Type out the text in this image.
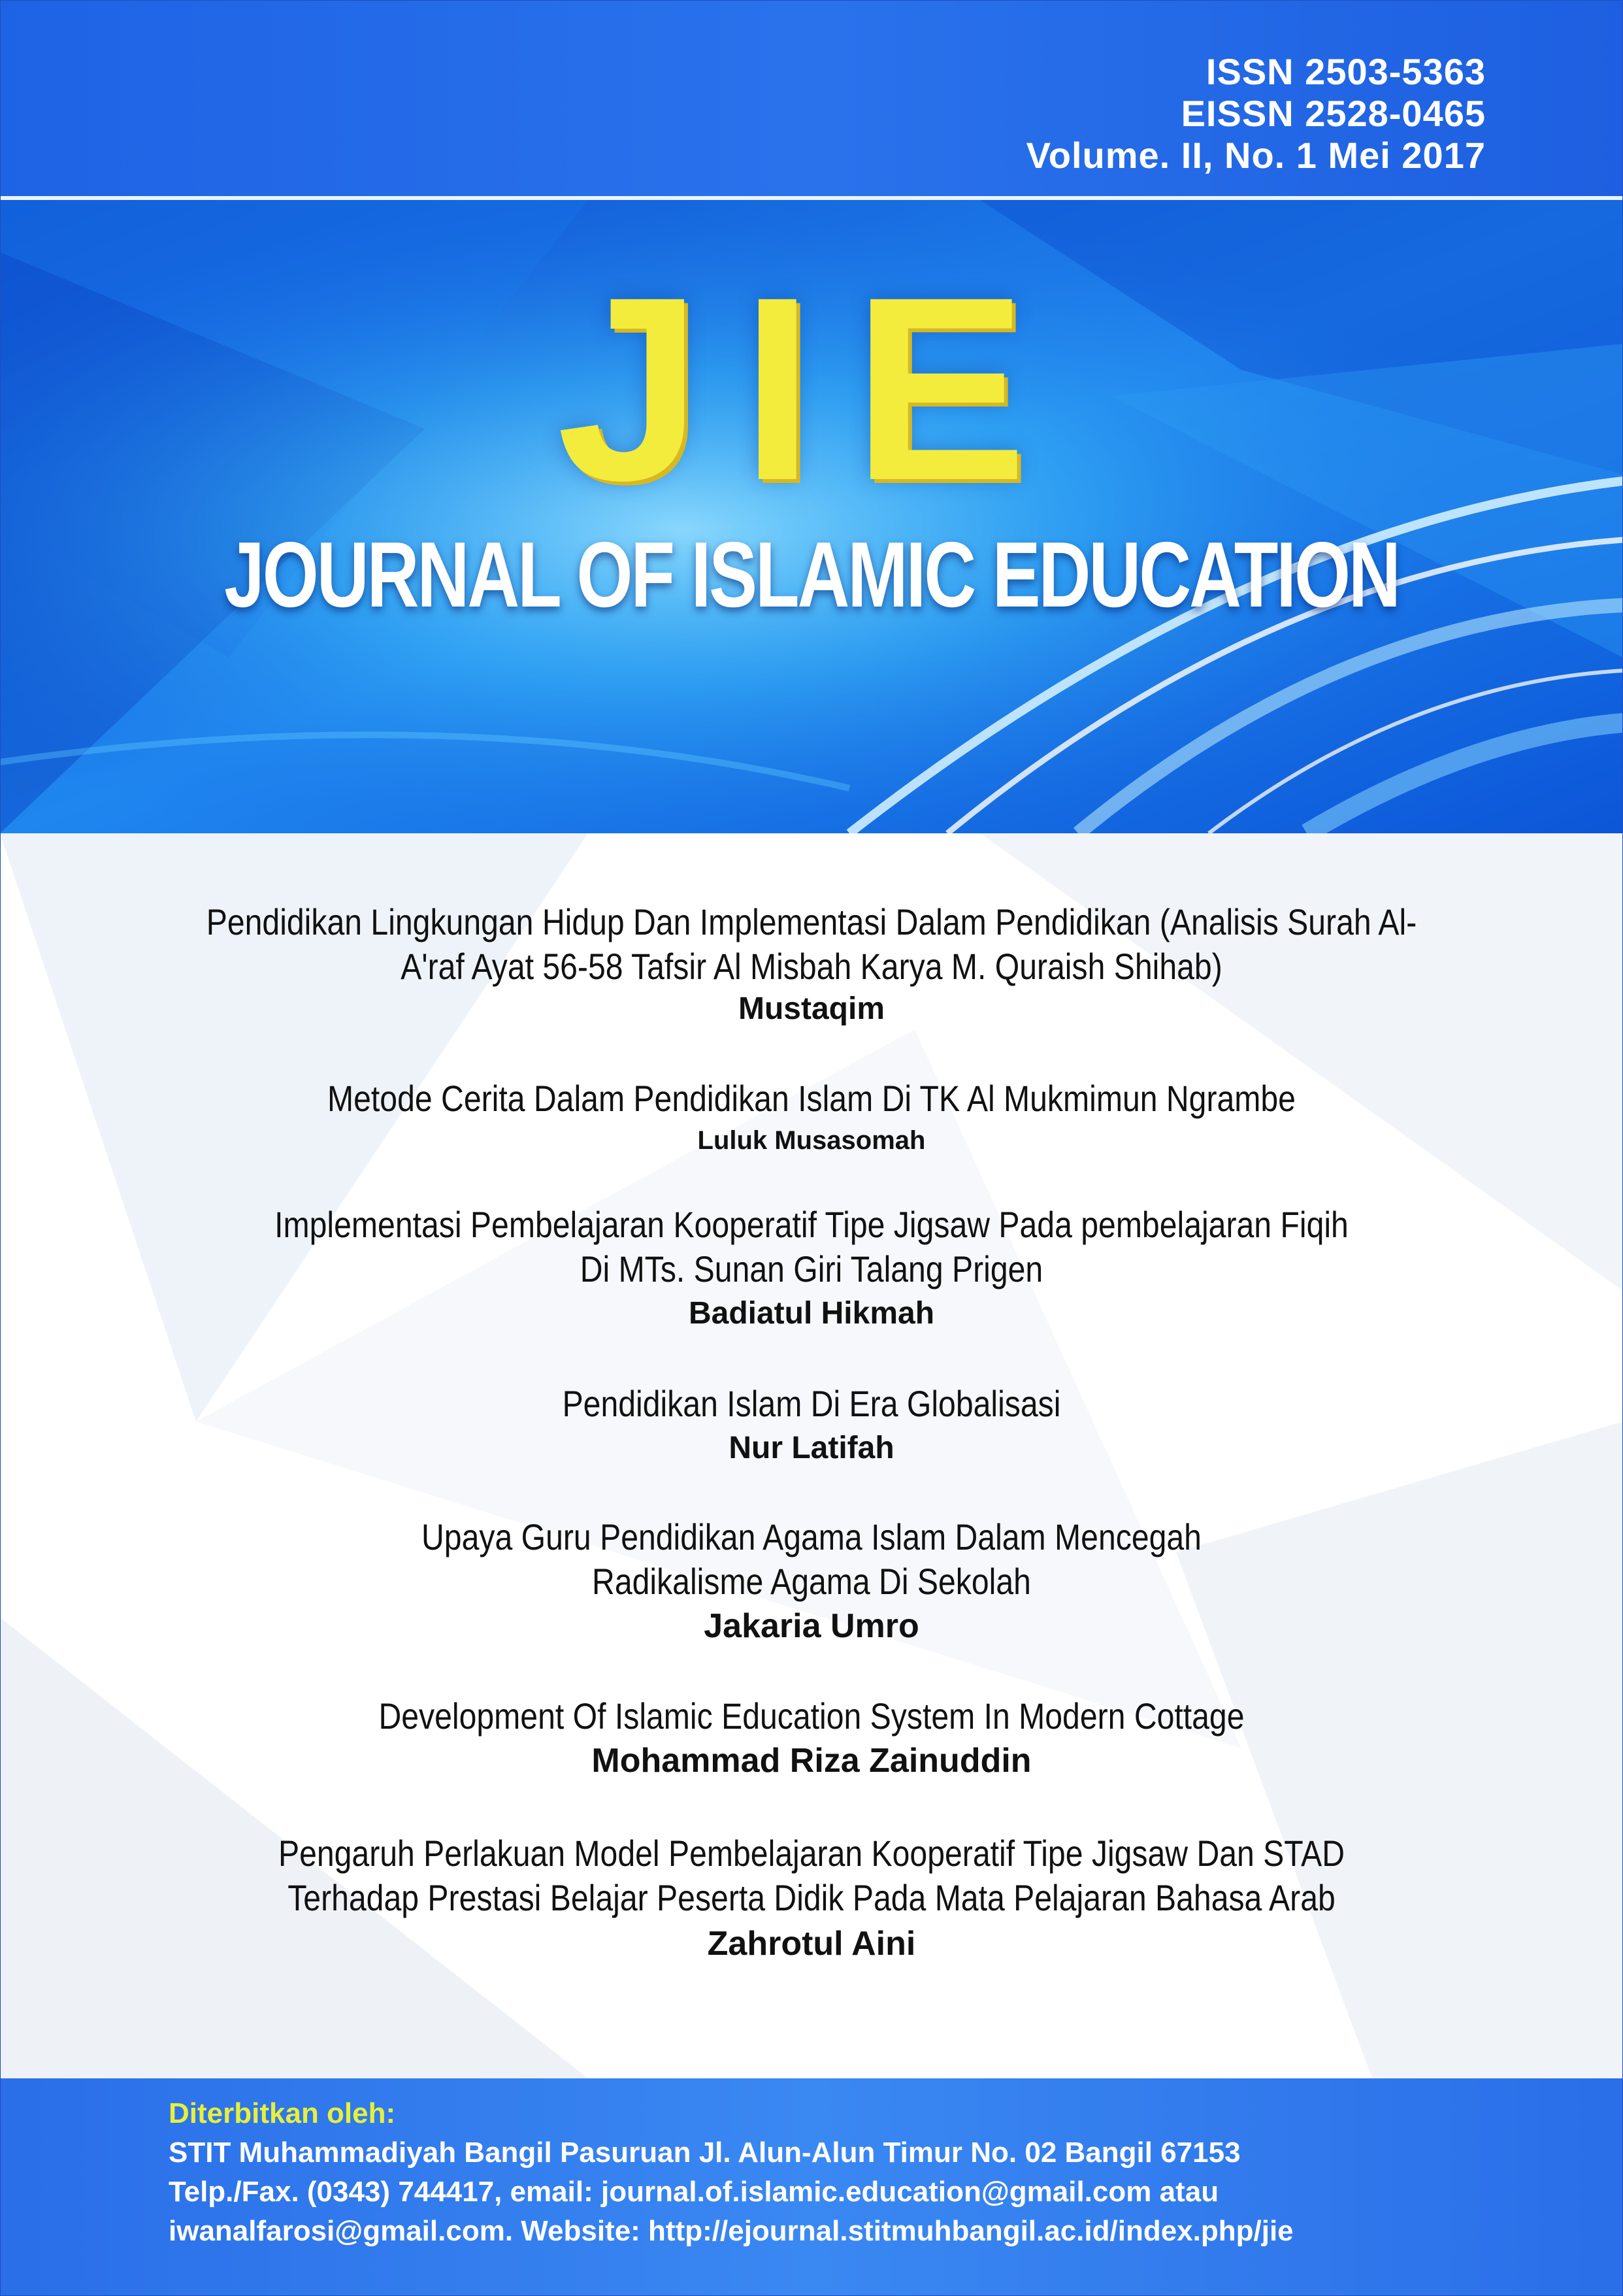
ISSN 2503-5363
EISSN 2528-0465
Volume. II, No. 1 Mei 2017
JIE
JOURNAL OF ISLAMIC EDUCATION
Pendidikan Lingkungan Hidup Dan Implementasi Dalam Pendidikan (Analisis Surah Al-
A'raf Ayat 56-58 Tafsir Al Misbah Karya M. Quraish Shihab)
Mustaqim
Metode Cerita Dalam Pendidikan Islam Di TK Al Mukmimun Ngrambe
Luluk Musasomah
Implementasi Pembelajaran Kooperatif Tipe Jigsaw Pada pembelajaran Fiqih
Di MTs. Sunan Giri Talang Prigen
Badiatul Hikmah
Pendidikan Islam Di Era Globalisasi
Nur Latifah
Upaya Guru Pendidikan Agama Islam Dalam Mencegah
Radikalisme Agama Di Sekolah
Jakaria Umro
Development Of Islamic Education System In Modern Cottage
Mohammad Riza Zainuddin
Pengaruh Perlakuan Model Pembelajaran Kooperatif Tipe Jigsaw Dan STAD
Terhadap Prestasi Belajar Peserta Didik Pada Mata Pelajaran Bahasa Arab
Zahrotul Aini
Diterbitkan oleh:
STIT Muhammadiyah Bangil Pasuruan Jl. Alun-Alun Timur No. 02 Bangil 67153
Telp./Fax. (0343) 744417, email: journal.of.islamic.education@gmail.com atau
iwanalfarosi@gmail.com. Website: http://ejournal.stitmuhbangil.ac.id/index.php/jie
